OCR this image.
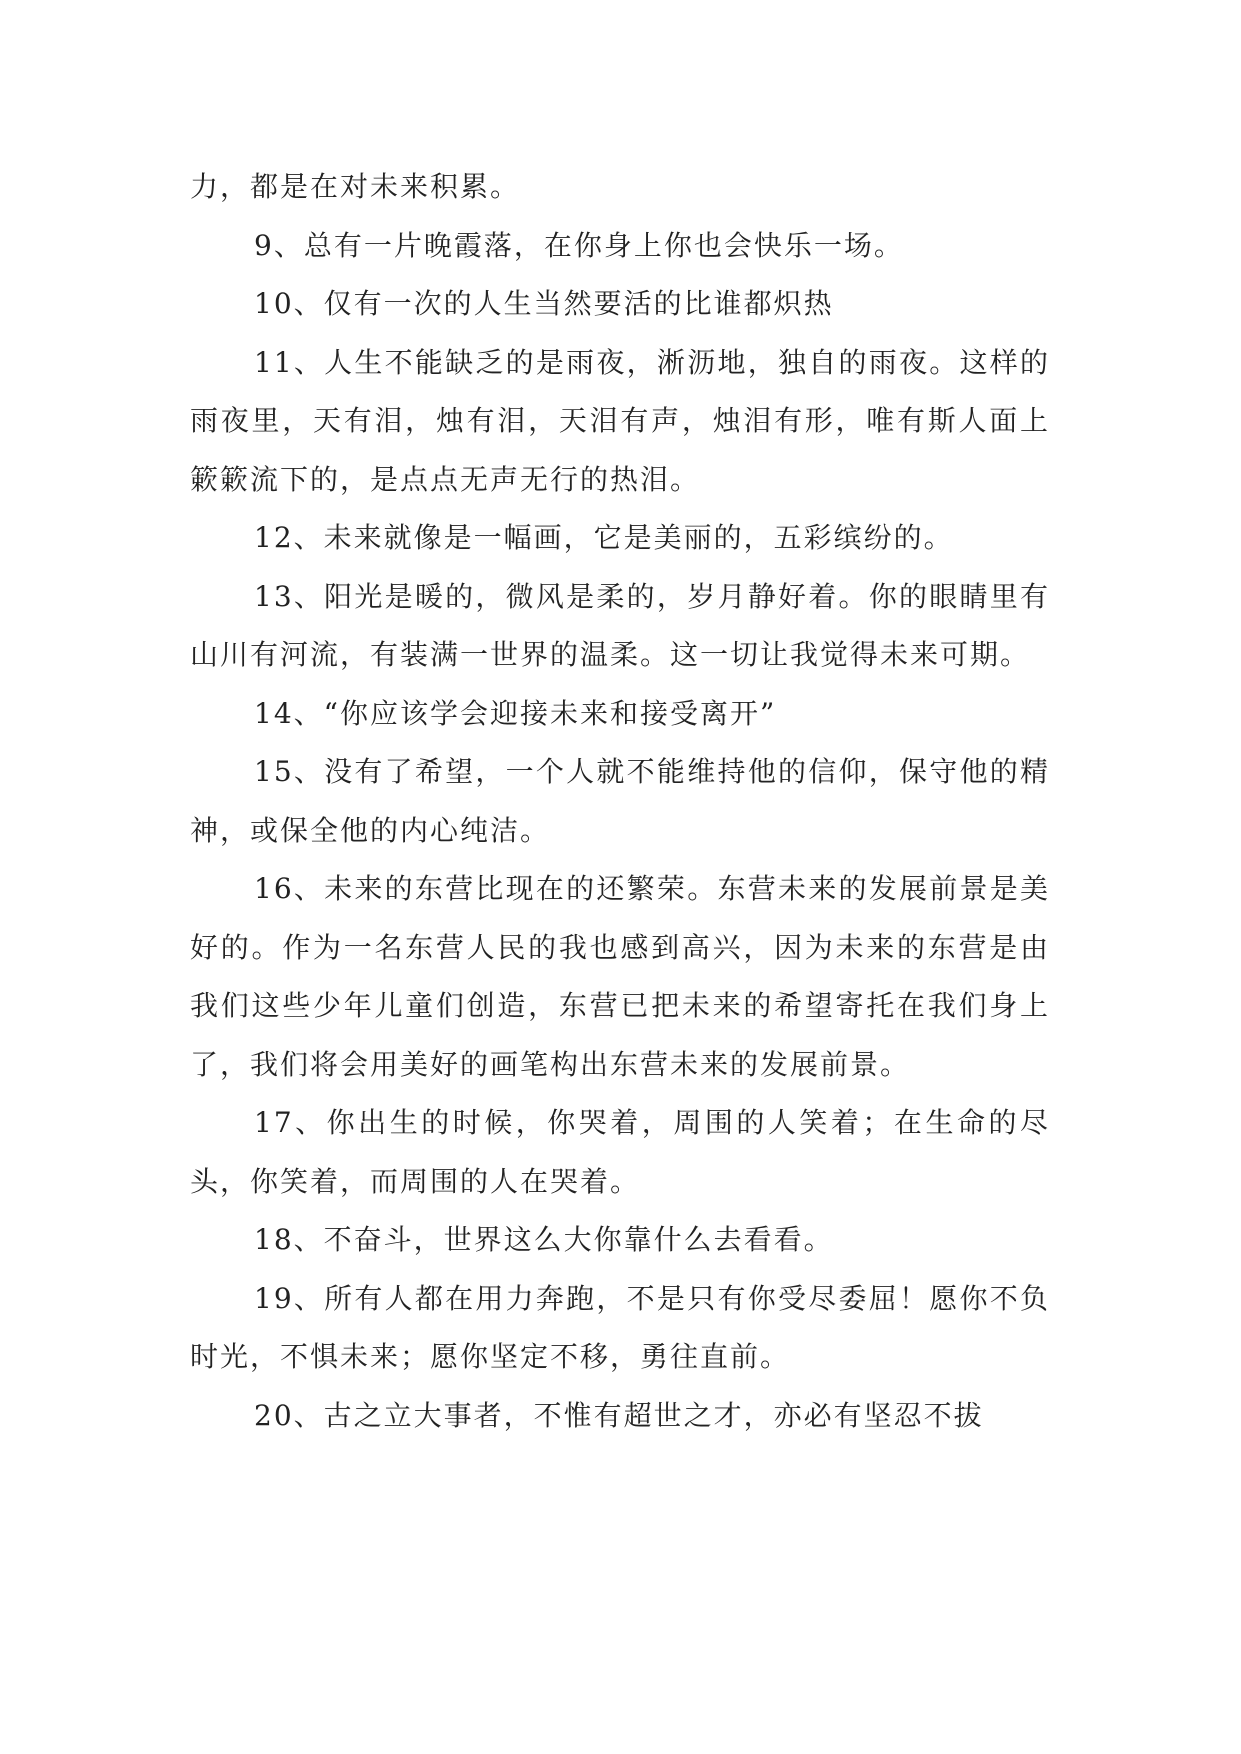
力，都是在对未来积累。

9、总有一片晚霞落，在你身上你也会快乐一场。

10、仅有一次的人生当然要活的比谁都炽热

11、人生不能缺乏的是雨夜，淅沥地，独自的雨夜。这样的雨夜里，天有泪，烛有泪，天泪有声，烛泪有形，唯有斯人面上簌簌流下的，是点点无声无行的热泪。

12、未来就像是一幅画，它是美丽的，五彩缤纷的。

13、阳光是暖的，微风是柔的，岁月静好着。你的眼睛里有山川有河流，有装满一世界的温柔。这一切让我觉得未来可期。

14、“你应该学会迎接未来和接受离开”

15、没有了希望，一个人就不能维持他的信仰，保守他的精神，或保全他的内心纯洁。

16、未来的东营比现在的还繁荣。东营未来的发展前景是美好的。作为一名东营人民的我也感到高兴，因为未来的东营是由我们这些少年儿童们创造，东营已把未来的希望寄托在我们身上了，我们将会用美好的画笔构出东营未来的发展前景。

17、你出生的时候，你哭着，周围的人笑着；在生命的尽头，你笑着，而周围的人在哭着。

18、不奋斗，世界这么大你靠什么去看看。

19、所有人都在用力奔跑，不是只有你受尽委屈！愿你不负时光，不惧未来；愿你坚定不移，勇往直前。

20、古之立大事者，不惟有超世之才，亦必有坚忍不拔
